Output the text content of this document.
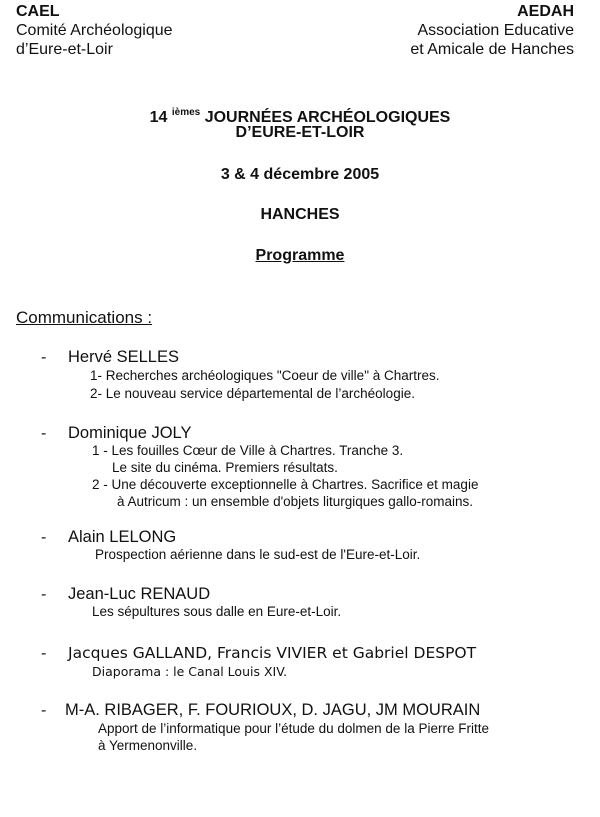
CAEL
Comité Archéologique
d’Eure-et-Loir
AEDAH
Association Educative
et Amicale de Hanches
14 $^{ièmes}$ JOURNÉES ARCHÉOLOGIQUES
D’EURE-ET-LOIR
3 & 4 décembre 2005
HANCHES
Programme
Communications :
- Hervé SELLES
1- Recherches archéologiques "Coeur de ville" à Chartres.
2- Le nouveau service départemental de l’archéologie.
- Dominique JOLY
1 - Les fouilles Cœur de Ville à Chartres. Tranche 3.
Le site du cinéma. Premiers résultats.
2 - Une découverte exceptionnelle à Chartres. Sacrifice et magie
à Autricum : un ensemble d'objets liturgiques gallo-romains.
- Alain LELONG
Prospection aérienne dans le sud-est de l'Eure-et-Loir.
- Jean-Luc RENAUD
Les sépultures sous dalle en Eure-et-Loir.
- Jacques GALLAND, Francis VIVIER et Gabriel DESPOT
Diaporama : le Canal Louis XIV.
- M-A. RIBAGER, F. FOURIOUX, D. JAGU, JM MOURAIN
Apport de l’informatique pour l’étude du dolmen de la Pierre Fritte
à Yermenonville.
